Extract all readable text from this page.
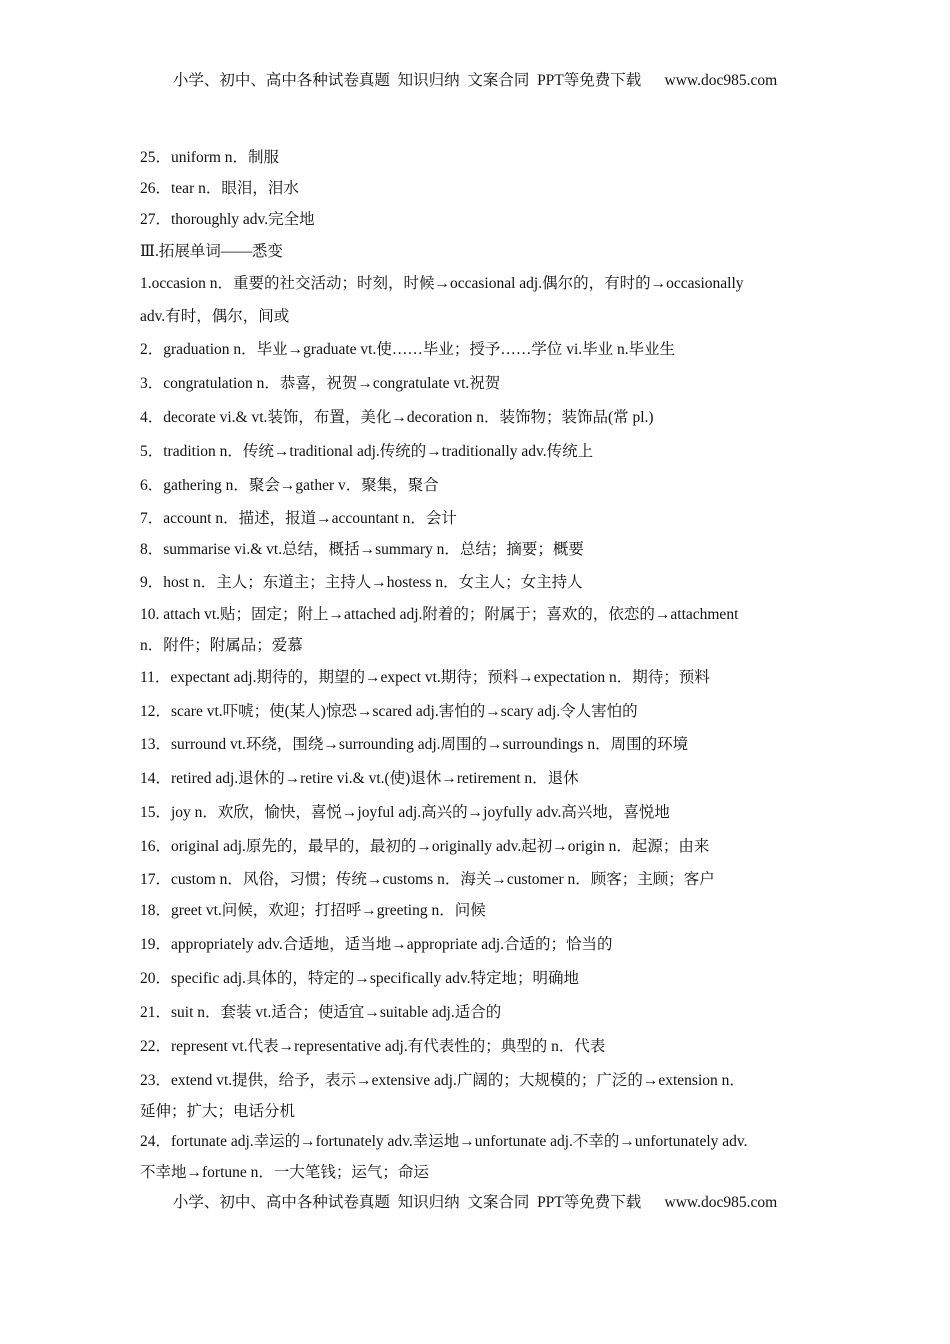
小学、初中、高中各种试卷真题  知识归纳  文案合同  PPT等免费下载      www.doc985.com
25．uniform n．制服
26．tear n．眼泪，泪水
27．thoroughly adv.完全地
Ⅲ.拓展单词——悉变
1.occasion n．重要的社交活动；时刻，时候→occasional adj.偶尔的，有时的→occasionally
adv.有时，偶尔，间或
2．graduation n．毕业→graduate vt.使……毕业；授予……学位 vi.毕业 n.毕业生
3．congratulation n．恭喜，祝贺→congratulate vt.祝贺
4．decorate vi.& vt.装饰，布置，美化→decoration n．装饰物；装饰品(常 pl.)
5．tradition n．传统→traditional adj.传统的→traditionally adv.传统上
6．gathering n．聚会→gather v．聚集，聚合
7．account n．描述，报道→accountant n．会计
8．summarise vi.& vt.总结，概括→summary n．总结；摘要；概要
9．host n．主人；东道主；主持人→hostess n．女主人；女主持人
10. attach vt.贴；固定；附上→attached adj.附着的；附属于；喜欢的，依恋的→attachment
n．附件；附属品；爱慕
11．expectant adj.期待的，期望的→expect vt.期待；预料→expectation n．期待；预料
12．scare vt.吓唬；使(某人)惊恐→scared adj.害怕的→scary adj.令人害怕的
13．surround vt.环绕，围绕→surrounding adj.周围的→surroundings n．周围的环境
14．retired adj.退休的→retire vi.& vt.(使)退休→retirement n．退休
15．joy n．欢欣，愉快，喜悦→joyful adj.高兴的→joyfully adv.高兴地，喜悦地
16．original adj.原先的，最早的，最初的→originally adv.起初→origin n．起源；由来
17．custom n．风俗，习惯；传统→customs n．海关→customer n．顾客；主顾；客户
18．greet vt.问候，欢迎；打招呼→greeting n．问候
19．appropriately adv.合适地，适当地→appropriate adj.合适的；恰当的
20．specific adj.具体的，特定的→specifically adv.特定地；明确地
21．suit n．套装 vt.适合；使适宜→suitable adj.适合的
22．represent vt.代表→representative adj.有代表性的；典型的 n．代表
23．extend vt.提供，给予，表示→extensive adj.广阔的；大规模的；广泛的→extension n．
延伸；扩大；电话分机
24．fortunate adj.幸运的→fortunately adv.幸运地→unfortunate adj.不幸的→unfortunately adv.
不幸地→fortune n．一大笔钱；运气；命运
小学、初中、高中各种试卷真题  知识归纳  文案合同  PPT等免费下载      www.doc985.com
